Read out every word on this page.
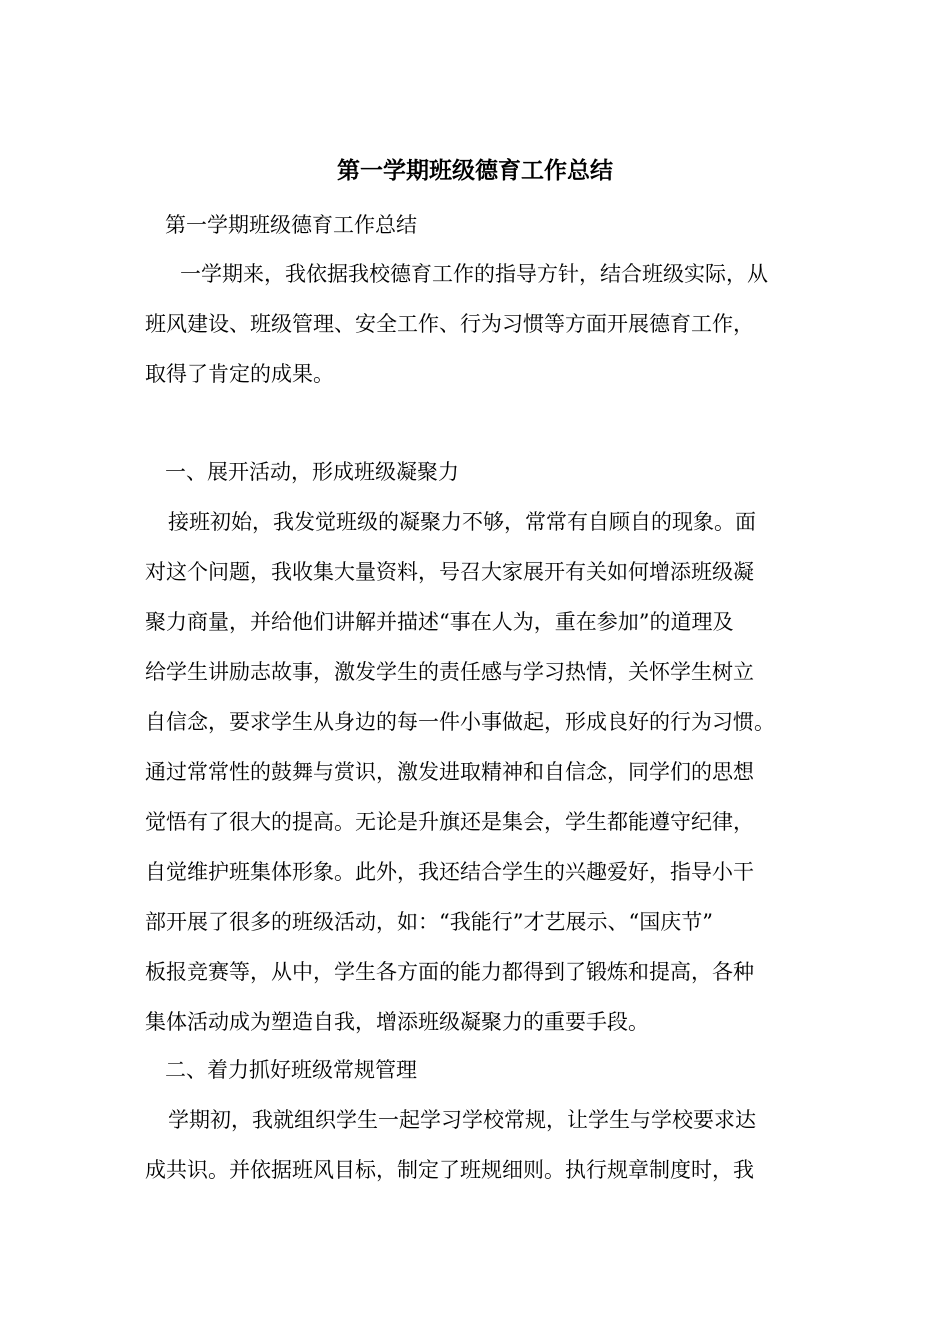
第一学期班级德育工作总结
第一学期班级德育工作总结
一学期来，我依据我校德育工作的指导方针，结合班级实际，从
班风建设、班级管理、安全工作、行为习惯等方面开展德育工作，
取得了肯定的成果。
一、展开活动，形成班级凝聚力
接班初始，我发觉班级的凝聚力不够，常常有自顾自的现象。面
对这个问题，我收集大量资料，号召大家展开有关如何增添班级凝
聚力商量，并给他们讲解并描述“事在人为，重在参加”的道理及
给学生讲励志故事，激发学生的责任感与学习热情，关怀学生树立
自信念，要求学生从身边的每一件小事做起，形成良好的行为习惯。
通过常常性的鼓舞与赏识，激发进取精神和自信念，同学们的思想
觉悟有了很大的提高。无论是升旗还是集会，学生都能遵守纪律，
自觉维护班集体形象。此外，我还结合学生的兴趣爱好，指导小干
部开展了很多的班级活动，如：“我能行”才艺展示、“国庆节”
板报竞赛等，从中，学生各方面的能力都得到了锻炼和提高，各种
集体活动成为塑造自我，增添班级凝聚力的重要手段。
二、着力抓好班级常规管理
学期初，我就组织学生一起学习学校常规，让学生与学校要求达
成共识。并依据班风目标，制定了班规细则。执行规章制度时，我
